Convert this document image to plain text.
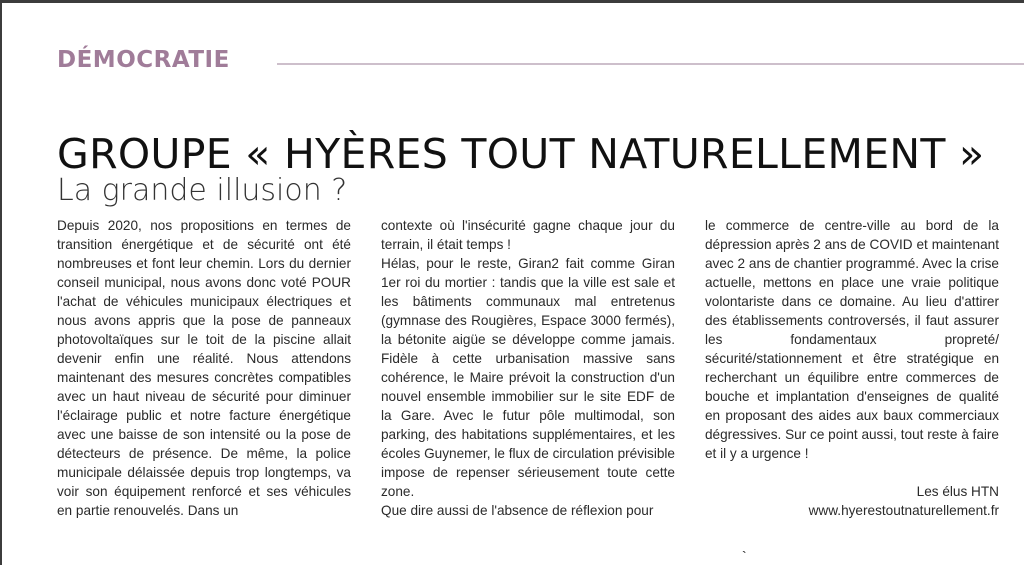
DÉMOCRATIE
GROUPE « HYÈRES TOUT NATURELLEMENT »
La grande illusion ?

Depuis 2020, nos propositions en termes de transition énergétique et de sécurité ont été nombreuses et font leur chemin. Lors du dernier conseil municipal, nous avons donc voté POUR l'achat de véhicules municipaux électriques et nous avons appris que la pose de panneaux photovoltaïques sur le toit de la piscine allait devenir enfin une réalité. Nous attendons maintenant des mesures concrètes compatibles avec un haut niveau de sécurité pour diminuer l'éclairage public et notre facture énergétique avec une baisse de son intensité ou la pose de détecteurs de présence. De même, la police municipale délaissée depuis trop longtemps, va voir son équipement renforcé et ses véhicules en partie renouvelés. Dans un

contexte où l'insécurité gagne chaque jour du terrain, il était temps !

Hélas, pour le reste, Giran2 fait comme Giran 1er roi du mortier : tandis que la ville est sale et les bâtiments communaux mal entretenus (gymnase des Rougières, Espace 3000 fermés), la bétonite aigüe se développe comme jamais. Fidèle à cette urbanisation massive sans cohérence, le Maire prévoit la construction d'un nouvel ensemble immobilier sur le site EDF de la Gare. Avec le futur pôle multimodal, son parking, des habitations supplémentaires, et les écoles Guynemer, le flux de circulation prévisible impose de repenser sérieusement toute cette zone.

Que dire aussi de l'absence de réflexion pour

le commerce de centre-ville au bord de la dépression après 2 ans de COVID et maintenant avec 2 ans de chantier programmé. Avec la crise actuelle, mettons en place une vraie politique volontariste dans ce domaine. Au lieu d'attirer des établissements controversés, il faut assurer les fondamentaux propreté/ sécurité/stationnement et être stratégique en recherchant un équilibre entre commerces de bouche et implantation d'enseignes de qualité en proposant des aides aux baux commerciaux dégressives. Sur ce point aussi, tout reste à faire et il y a urgence !

Les élus HTN
www.hyerestoutnaturellement.fr
`
